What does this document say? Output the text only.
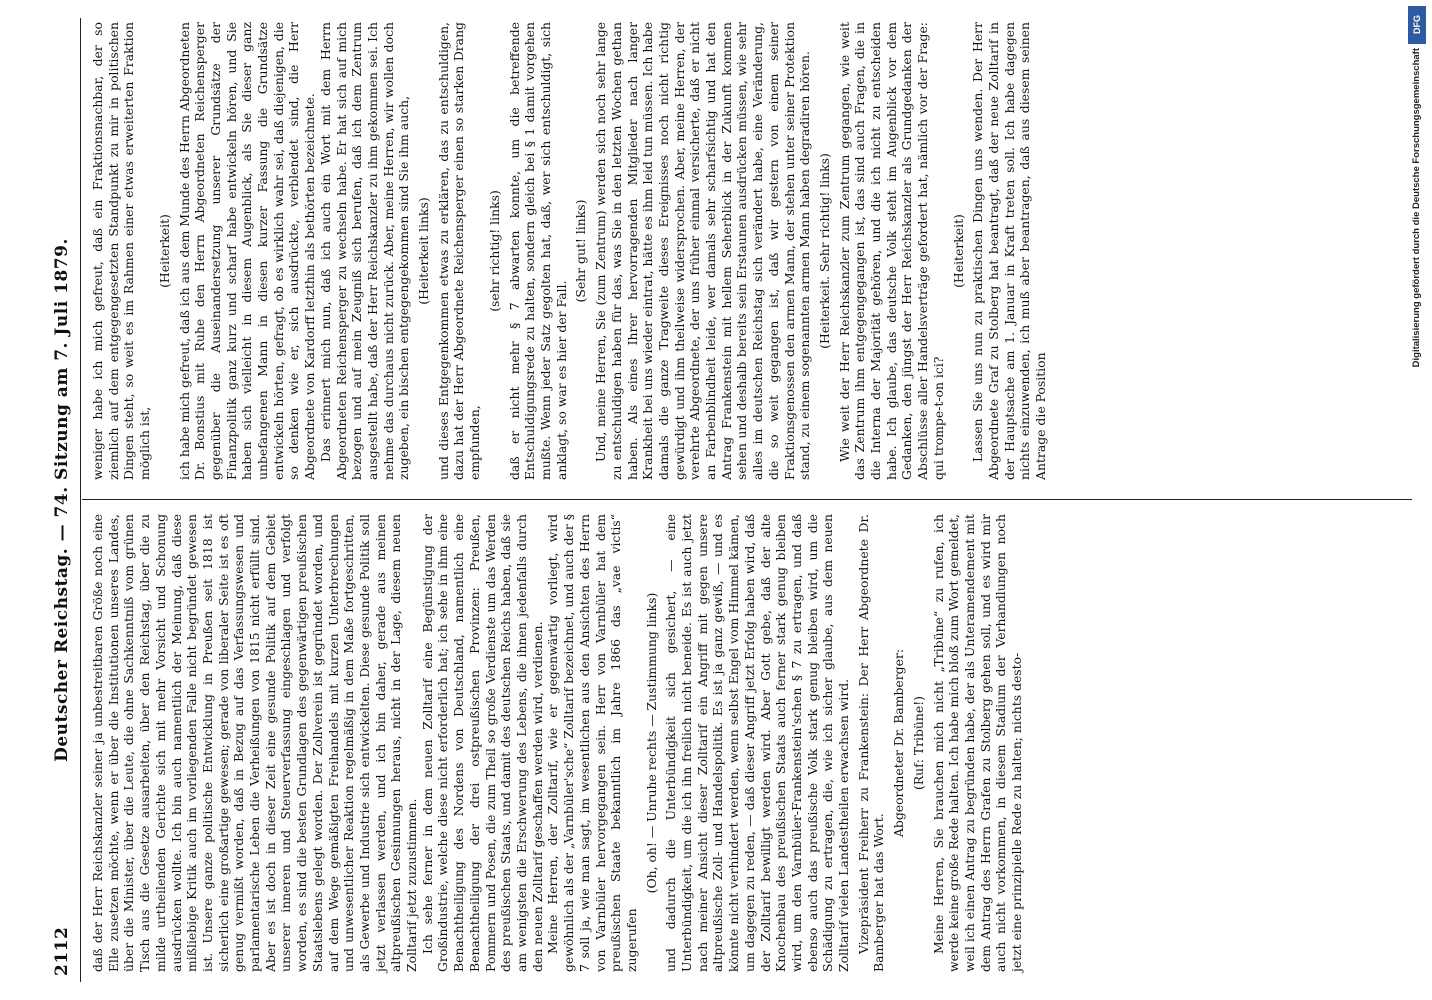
2112
Deutscher Reichstag. — 74. Sitzung am 7. Juli 1879. daß der Herr Reichskanzler seiner ja unbestreitbaren Größe noch eine Elle zusetzen möchte, wenn er über die Institutionen unseres Landes, über die Minister, über die Leute, die ohne Sachkenntniß vom grünen Tisch aus die Gesetze ausarbeiten, über den Reichstag, über die zu milde urtheilenden Gerichte sich mit mehr Vorsicht und Schonung ausdrücken wollte. Ich bin auch namentlich der Meinung, daß diese mißliebige Kritik auch im vorliegenden Falle nicht begründet gewesen ist. Unsere ganze politische Entwicklung in Preußen seit 1818 ist sicherlich eine großartige gewesen; gerade von liberaler Seite ist es oft genug vermißt worden, daß in Bezug auf das Verfassungswesen und parlamentarische Leben die Verheißungen von 1815 nicht erfüllt sind. Aber es ist doch in dieser Zeit eine gesunde Politik auf dem Gebiet unserer inneren und Steuerverfassung eingeschlagen und verfolgt worden, es sind die besten Grundlagen des gegenwärtigen preußischen Staatslebens gelegt worden. Der Zollverein ist gegründet worden, und auf dem Wege gemäßigten Freihandels mit kurzen Unterbrechungen und unwesentlicher Reaktion regelmäßig in dem Maße fortgeschritten, als Gewerbe und Industrie sich entwickelten. Diese gesunde Politik soll jetzt verlassen werden, und ich bin daher, gerade aus meinen altpreußischen Gesinnungen heraus, nicht in der Lage, diesem neuen Zolltarif jetzt zuzustimmen. Ich sehe ferner in dem neuen Zolltarif eine Begünstigung der Großindustrie, welche diese nicht erforderlich hat; ich sehe in ihm eine Benachtheiligung des Nordens von Deutschland, namentlich eine Benachtheiligung der drei ostpreußischen Provinzen: Preußen, Pommern und Posen, die zum Theil so große Verdienste um das Werden des preußischen Staats, und damit des deutschen Reichs haben, daß sie am wenigsten die Erschwerung des Lebens, die ihnen jedenfalls durch den neuen Zolltarif geschaffen werden wird, verdienen. Meine Herren, der Zolltarif, wie er gegenwärtig vorliegt, wird gewöhnlich als der „Varnbüler'sche“ Zolltarif bezeichnet, und auch der § 7 soll ja, wie man sagt, im wesentlichen aus den Ansichten des Herrn von Varnbüler hervorgegangen sein. Herr von Varnbüler hat dem preußischen Staate bekanntlich im Jahre 1866 das „vae victis“ zugerufen

(Oh, oh! — Unruhe rechts — Zustimmung links) und dadurch die Unterbündigkeit sich gesichert, — eine Unterbündigkeit, um die ich ihn freilich nicht beneide. Es ist auch jetzt nach meiner Ansicht dieser Zolltarif ein Angriff mit gegen unsere altpreußische Zoll- und Handelspolitik. Es ist ja ganz gewiß, — und es könnte nicht verhindert werden, wenn selbst Engel vom Himmel kämen, um dagegen zu reden, — daß dieser Angriff jetzt Erfolg haben wird, daß der Zolltarif bewilligt werden wird. Aber Gott gebe, daß der alte Knochenbau des preußischen Staats auch ferner stark genug bleiben wird, um den Varnbüler-Frankenstein'schen § 7 zu ertragen, und daß ebenso auch das preußische Volk stark genug bleiben wird, um die Schädigung zu ertragen, die, wie ich sicher glaube, aus dem neuen Zolltarif vielen Landestheilen erwachsen wird. Vizepräsident Freiherr zu Frankenstein: Der Herr Abgeordnete Dr. Bamberger hat das Wort.

Abgeordneter Dr. Bamberger: (Ruf: Tribüne!) Meine Herren, Sie brauchen mich nicht „Tribüne“ zu rufen, ich werde keine große Rede halten. Ich habe mich bloß zum Wort gemeldet, weil ich einen Antrag zu begründen habe, der als Unteramendement mit dem Antrag des Herrn Grafen zu Stolberg gehen soll, und es wird mir auch nicht vorkommen, in diesem Stadium der Verhandlungen noch jetzt eine prinzipielle Rede zu halten; nichts desto-

weniger habe ich mich gefreut, daß ein Fraktionsnachbar, der so ziemlich auf dem entgegengesetzten Standpunkt zu mir in politischen Dingen steht, so weit es im Rahmen einer etwas erweiterten Fraktion möglich ist,

(Heiterkeit) ich habe mich gefreut, daß ich aus dem Munde des Herrn Abgeordneten Dr. Bonstius mit Ruhe den Herrn Abgeordneten Reichensperger gegenüber die Auseinandersetzung unserer Grundsätze der Finanzpolitik ganz kurz und scharf habe entwickeln hören, und Sie haben sich vielleicht in diesem Augenblick, als Sie dieser ganz unbefangenen Mann in diesen kurzer Fassung die Grundsätze entwickeln hörten, gefragt, ob es wirklich wahr sei, daß diejenigen, die so denken wie er, sich ausdrückte, verblendet sind, die Herr Abgeordnete von Kardorff letzthin als bethörten bezeichnete. Das erinnert mich nun, daß ich auch ein Wort mit dem Herrn Abgeordneten Reichensperger zu wechseln habe. Er hat sich auf mich bezogen und auf mein Zeugniß sich berufen, daß ich dem Zentrum ausgestellt habe, daß der Herr Reichskanzler zu ihm gekommen sei. Ich nehme das durchaus nicht zurück. Aber, meine Herren, wir wollen doch zugeben, ein bischen entgegengekommen sind Sie ihm auch, (Heiterkeit links) und dieses Entgegenkommen etwas zu erklären, das zu entschuldigen, dazu hat der Herr Abgeordnete Reichensperger einen so starken Drang empfunden,

(sehr richtig! links) daß er nicht mehr § 7 abwarten konnte, um die betreffende Entschuldigungsrede zu halten, sondern gleich bei § 1 damit vorgehen mußte. Wenn jeder Satz gegolten hat, daß, wer sich entschuldigt, sich anklagt, so war es hier der Fall.

(Sehr gut! links) Und, meine Herren, Sie (zum Zentrum) werden sich noch sehr lange zu entschuldigen haben für das, was Sie in den letzten Wochen gethan haben. Als eines Ihrer hervorragenden Mitglieder nach langer Krankheit bei uns wieder eintrat, hätte es ihm leid tun müssen. Ich habe damals die ganze Tragweite dieses Ereignisses noch nicht richtig gewürdigt und ihm theilweise widersprochen. Aber, meine Herren, der verehrte Abgeordnete, der uns früher einmal versicherte, daß er nicht an Farbenblindheit leide, wer damals sehr scharfsichtig und hat den Antrag Frankenstein mit hellem Seherblick in der Zukunft kommen sehen und deshalb bereits sein Erstaunen ausdrücken müssen, wie sehr alles im deutschen Reichstag sich verändert habe, eine Veränderung, die so weit gegangen ist, daß wir gestern von einem seiner Fraktionsgenossen den armen Mann, der stehen unter seiner Protektion stand, zu einem sogenannten armen Mann haben degradiren hören. (Heiterkeit. Sehr richtig! links) Wie weit der Herr Reichskanzler zum Zentrum gegangen, wie weit das Zentrum ihm entgegengegangen ist, das sind auch Fragen, die in die Interna der Majorität gehören, und die ich nicht zu entscheiden habe. Ich glaube, das deutsche Volk steht im Augenblick vor dem Gedanken, den jüngst der Herr Reichskanzler als Grundgedanken der Abschlüsse aller Handelsverträge gefordert hat, nämlich vor der Frage: qui trompe-t-on ici?

(Heiterkeit) Lassen Sie uns nun zu praktischen Dingen uns wenden. Der Herr Abgeordnete Graf zu Stolberg hat beantragt, daß der neue Zolltarif in der Hauptsache am 1. Januar in Kraft treten soll. Ich habe dagegen nichts einzuwenden, ich muß aber beantragen, daß aus diesem seinen Antrage die Position

DFG
Digitalisierung gefördert durch die Deutsche Forschungsgemeinschaft
